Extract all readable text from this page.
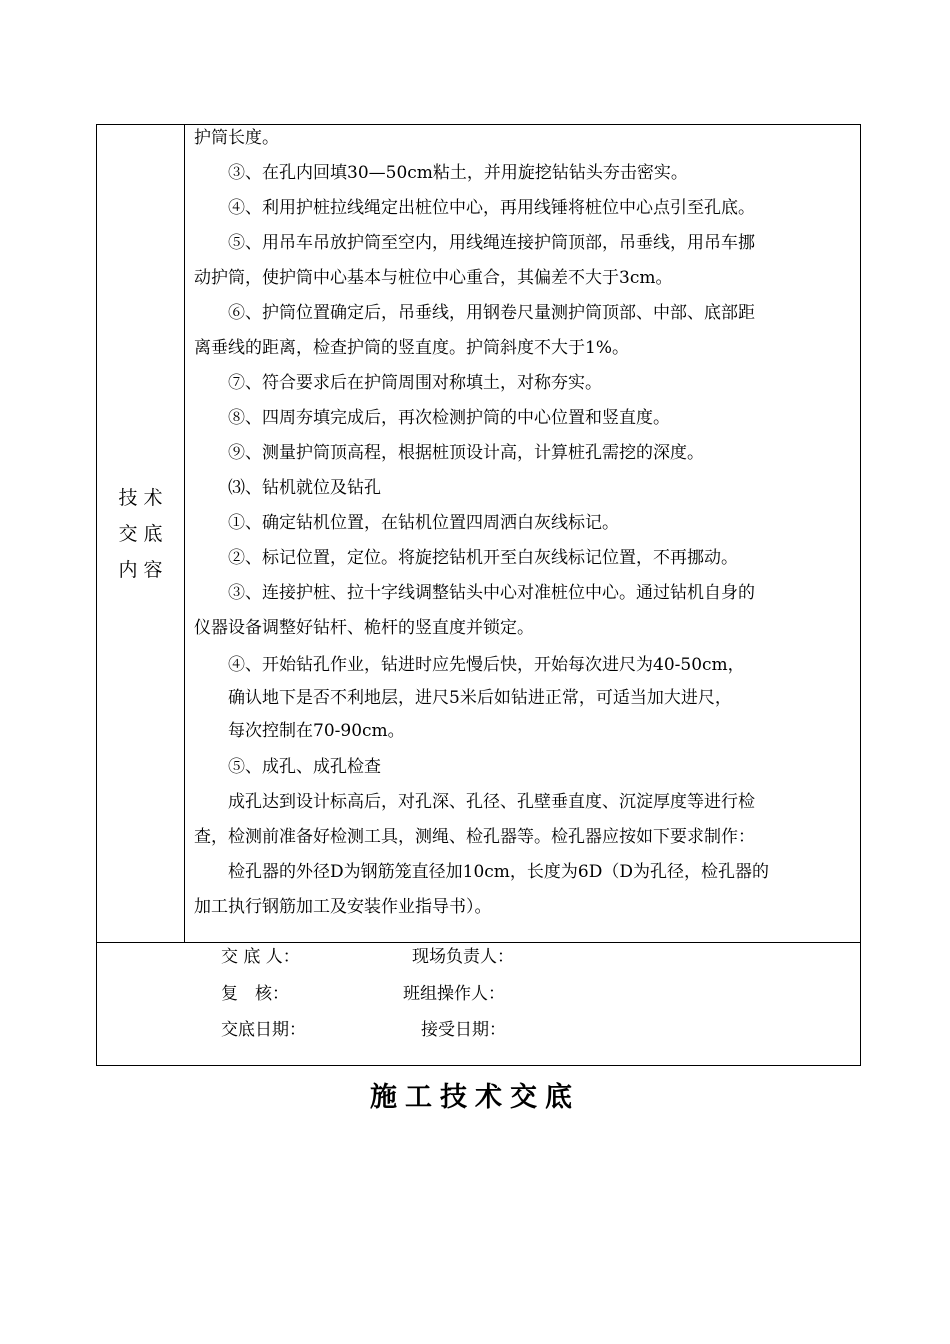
技 术
交 底
内 容
护筒长度。
　　③、在孔内回填30—50cm粘土，并用旋挖钻钻头夯击密实。
　　④、利用护桩拉线绳定出桩位中心，再用线锤将桩位中心点引至孔底。
　　⑤、用吊车吊放护筒至空内，用线绳连接护筒顶部，吊垂线，用吊车挪
动护筒，使护筒中心基本与桩位中心重合，其偏差不大于3cm。
　　⑥、护筒位置确定后，吊垂线，用钢卷尺量测护筒顶部、中部、底部距
离垂线的距离，检查护筒的竖直度。护筒斜度不大于1%。
　　⑦、符合要求后在护筒周围对称填土，对称夯实。
　　⑧、四周夯填完成后，再次检测护筒的中心位置和竖直度。
　　⑨、测量护筒顶高程，根据桩顶设计高，计算桩孔需挖的深度。
　　⑶、钻机就位及钻孔
　　①、确定钻机位置，在钻机位置四周洒白灰线标记。
　　②、标记位置，定位。将旋挖钻机开至白灰线标记位置，不再挪动。
　　③、连接护桩、拉十字线调整钻头中心对准桩位中心。通过钻机自身的
仪器设备调整好钻杆、桅杆的竖直度并锁定。
　　④、开始钻孔作业，钻进时应先慢后快，开始每次进尺为40-50cm，
　　确认地下是否不利地层，进尺5米后如钻进正常，可适当加大进尺，
　　每次控制在70-90cm。
　　⑤、成孔、成孔检查
　　成孔达到设计标高后，对孔深、孔径、孔壁垂直度、沉淀厚度等进行检
查，检测前准备好检测工具，测绳、检孔器等。检孔器应按如下要求制作：
　　检孔器的外径D为钢筋笼直径加10cm，长度为6D（D为孔径，检孔器的
加工执行钢筋加工及安装作业指导书）。
交 底 人：	现场负责人：
复　核：	班组操作人：
交底日期：	接受日期：
施工技术交底
